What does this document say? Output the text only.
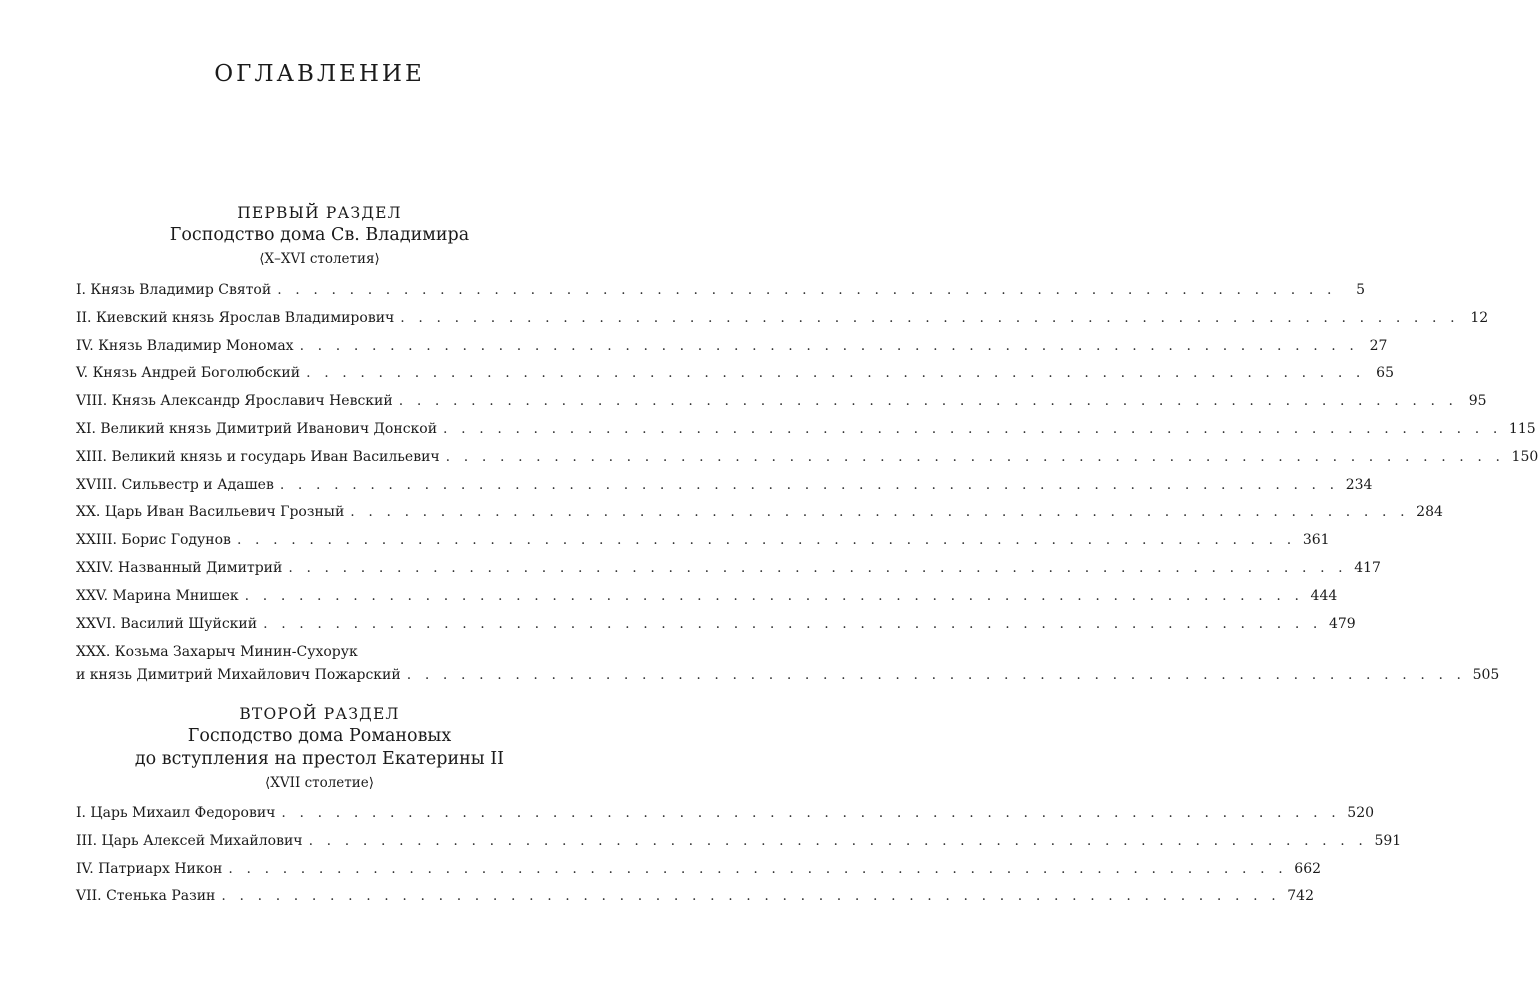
ОГЛАВЛЕНИЕ
ПЕРВЫЙ РАЗДЕЛ
Господство дома Св. Владимира
⟨X–XVI столетия⟩
I. Князь Владимир Святой . . . . . . . . . . . . . . . . . . . . . . . . . . . . . . . . . . . . . . . . . . . . . . . . . . . . . . . . . . .	5
II. Киевский князь Ярослав Владимирович . . . . . . . . . . . . . . . . . . . . . . . . . . . . . . . . . . . . . . . . . . . . . . . . . . . . . . . . . . . 12
IV. Князь Владимир Мономах . . . . . . . . . . . . . . . . . . . . . . . . . . . . . . . . . . . . . . . . . . . . . . . . . . . . . . . . . . . 27
V. Князь Андрей Боголюбский . . . . . . . . . . . . . . . . . . . . . . . . . . . . . . . . . . . . . . . . . . . . . . . . . . . . . . . . . . . 65
VIII. Князь Александр Ярославич Невский . . . . . . . . . . . . . . . . . . . . . . . . . . . . . . . . . . . . . . . . . . . . . . . . . . . . . . . . . . . 95
XI. Великий князь Димитрий Иванович Донской . . . . . . . . . . . . . . . . . . . . . . . . . . . . . . . . . . . . . . . . . . . . . . . . . . . . . . . . . . . 115
XIII. Великий князь и государь Иван Васильевич . . . . . . . . . . . . . . . . . . . . . . . . . . . . . . . . . . . . . . . . . . . . . . . . . . . . . . . . . . . 150
XVIII. Сильвестр и Адашев . . . . . . . . . . . . . . . . . . . . . . . . . . . . . . . . . . . . . . . . . . . . . . . . . . . . . . . . . . . 234
XX. Царь Иван Васильевич Грозный . . . . . . . . . . . . . . . . . . . . . . . . . . . . . . . . . . . . . . . . . . . . . . . . . . . . . . . . . . . 284
XXIII. Борис Годунов . . . . . . . . . . . . . . . . . . . . . . . . . . . . . . . . . . . . . . . . . . . . . . . . . . . . . . . . . . . 361
XXIV. Названный Димитрий . . . . . . . . . . . . . . . . . . . . . . . . . . . . . . . . . . . . . . . . . . . . . . . . . . . . . . . . . . . 417
XXV. Марина Мнишек . . . . . . . . . . . . . . . . . . . . . . . . . . . . . . . . . . . . . . . . . . . . . . . . . . . . . . . . . . . 444
XXVI. Василий Шуйский . . . . . . . . . . . . . . . . . . . . . . . . . . . . . . . . . . . . . . . . . . . . . . . . . . . . . . . . . . . 479
XXX. Козьма Захарыч Минин-Сухорук
и князь Димитрий Михайлович Пожарский . . . . . . . . . . . . . . . . . . . . . . . . . . . . . . . . . . . . . . . . . . . . . . . . . . . . . . . . . . . 505
ВТОРОЙ РАЗДЕЛ
Господство дома Романовых
до вступления на престол Екатерины II
⟨XVII столетие⟩
I. Царь Михаил Федорович . . . . . . . . . . . . . . . . . . . . . . . . . . . . . . . . . . . . . . . . . . . . . . . . . . . . . . . . . . . 520
III. Царь Алексей Михайлович . . . . . . . . . . . . . . . . . . . . . . . . . . . . . . . . . . . . . . . . . . . . . . . . . . . . . . . . . . . 591
IV. Патриарх Никон . . . . . . . . . . . . . . . . . . . . . . . . . . . . . . . . . . . . . . . . . . . . . . . . . . . . . . . . . . . 662
VII. Стенька Разин . . . . . . . . . . . . . . . . . . . . . . . . . . . . . . . . . . . . . . . . . . . . . . . . . . . . . . . . . . . 742
